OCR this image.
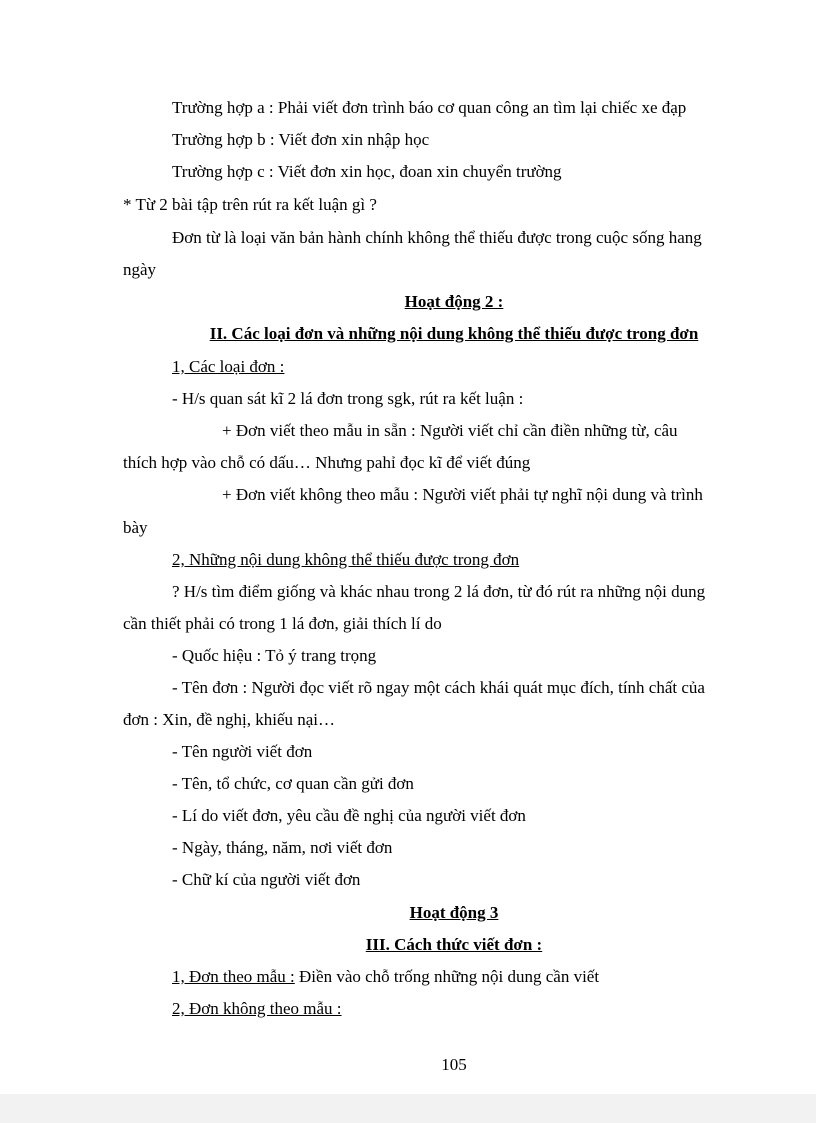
Trường hợp a : Phải viết đơn trình báo cơ quan công an tìm lại chiếc xe đạp
Trường hợp b : Viết đơn xin nhập học
Trường hợp c : Viết đơn xin học, đoan xin chuyển trường
* Từ 2 bài tập trên rút ra kết luận gì ?
Đơn từ là loại văn bản hành chính không thể thiếu được trong cuộc sống hang
ngày
Hoạt động 2 :
II. Các loại đơn và những nội dung không thể thiếu được trong đơn
1, Các loại đơn :
- H/s quan sát kĩ 2 lá đơn trong sgk, rút ra kết luận :
+ Đơn viết theo mẫu in sẵn : Người viết chỉ cần điền những từ, câu
thích hợp vào chỗ có dấu… Nhưng pahỉ đọc kĩ để viết đúng
+ Đơn viết không theo mẫu : Người viết phải tự nghĩ nội dung và trình
bày
2, Những nội dung không thể thiếu được trong đơn
? H/s tìm điểm giống và khác nhau trong 2 lá đơn, từ đó rút ra những nội dung
cần thiết phải có trong 1 lá đơn, giải thích lí do
- Quốc hiệu : Tỏ ý trang trọng
- Tên đơn : Người đọc viết rõ ngay một cách khái quát mục đích, tính chất của
đơn : Xin, đề nghị, khiếu nại…
- Tên người viết đơn
- Tên, tổ chức, cơ quan cần gửi đơn
- Lí do viết đơn, yêu cầu đề nghị của người viết đơn
- Ngày, tháng, năm, nơi viết đơn
- Chữ kí của người viết đơn
Hoạt động 3
III. Cách thức viết đơn :
1, Đơn theo mẫu : Điền vào chỗ trống những nội dung cần viết
2, Đơn không theo mẫu :
105
